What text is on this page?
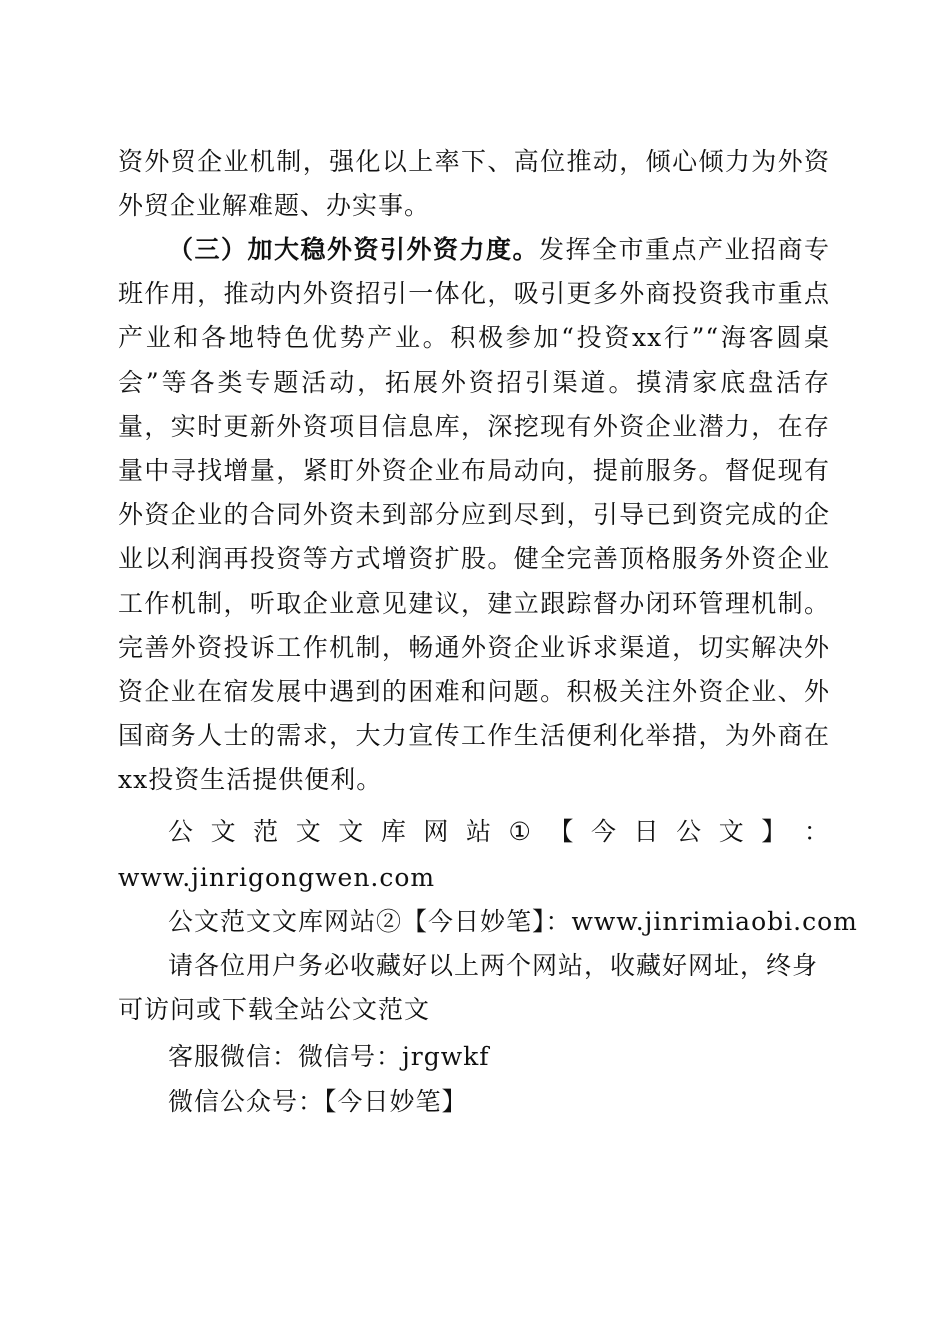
资外贸企业机制，强化以上率下、高位推动，倾心倾力为外资外贸企业解难题、办实事。

（三）加大稳外资引外资力度。发挥全市重点产业招商专班作用，推动内外资招引一体化，吸引更多外商投资我市重点产业和各地特色优势产业。积极参加“投资xx行”“海客圆桌会”等各类专题活动，拓展外资招引渠道。摸清家底盘活存量，实时更新外资项目信息库，深挖现有外资企业潜力，在存量中寻找增量，紧盯外资企业布局动向，提前服务。督促现有外资企业的合同外资未到部分应到尽到，引导已到资完成的企业以利润再投资等方式增资扩股。健全完善顶格服务外资企业工作机制，听取企业意见建议，建立跟踪督办闭环管理机制。完善外资投诉工作机制，畅通外资企业诉求渠道，切实解决外资企业在宿发展中遇到的困难和问题。积极关注外资企业、外国商务人士的需求，大力宣传工作生活便利化举措，为外商在xx投资生活提供便利。

公 文 范 文 文 库 网 站 ① 【 今 日 公 文 】 ：
www.jinrigongwen.com
公文范文文库网站②【今日妙笔】：www.jinrimiaobi.com

请各位用户务必收藏好以上两个网站，收藏好网址，终身可访问或下载全站公文范文

客服微信：微信号：jrgwkf
微信公众号：【今日妙笔】
